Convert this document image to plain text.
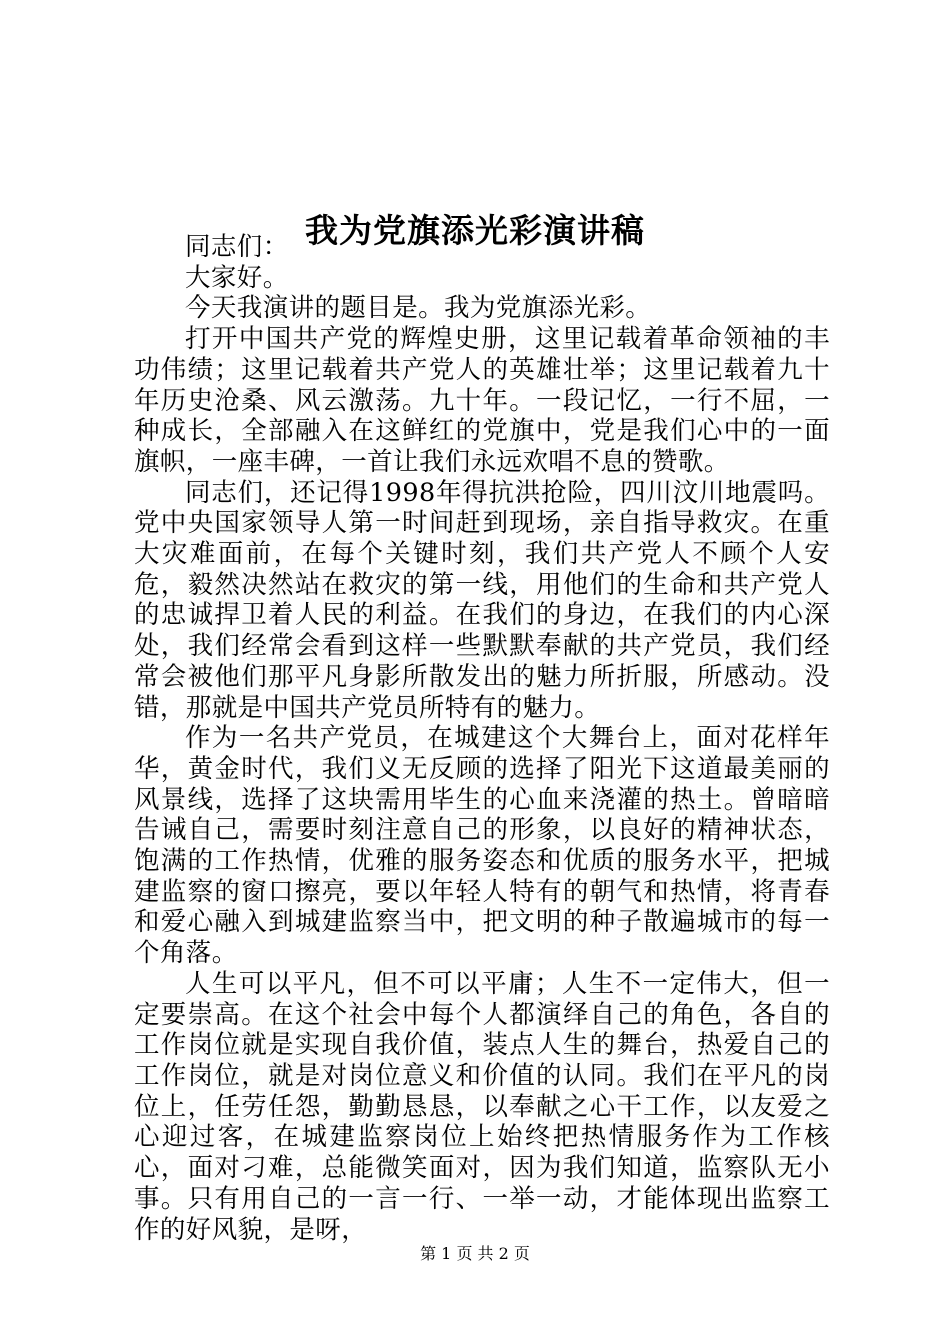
我为党旗添光彩演讲稿

同志们：

大家好。

今天我演讲的题目是。我为党旗添光彩。

打开中国共产党的辉煌史册，这里记载着革命领袖的丰功伟绩；这里记载着共产党人的英雄壮举；这里记载着九十年历史沧桑、风云激荡。九十年。一段记忆，一行不屈，一种成长，全部融入在这鲜红的党旗中，党是我们心中的一面旗帜，一座丰碑，一首让我们永远欢唱不息的赞歌。

同志们，还记得1998年得抗洪抢险，四川汶川地震吗。党中央国家领导人第一时间赶到现场，亲自指导救灾。在重大灾难面前，在每个关键时刻，我们共产党人不顾个人安危，毅然决然站在救灾的第一线，用他们的生命和共产党人的忠诚捍卫着人民的利益。在我们的身边，在我们的内心深处，我们经常会看到这样一些默默奉献的共产党员，我们经常会被他们那平凡身影所散发出的魅力所折服，所感动。没错，那就是中国共产党员所特有的魅力。

作为一名共产党员，在城建这个大舞台上，面对花样年华，黄金时代，我们义无反顾的选择了阳光下这道最美丽的风景线，选择了这块需用毕生的心血来浇灌的热土。曾暗暗告诫自己，需要时刻注意自己的形象，以良好的精神状态，饱满的工作热情，优雅的服务姿态和优质的服务水平，把城建监察的窗口擦亮，要以年轻人特有的朝气和热情，将青春和爱心融入到城建监察当中，把文明的种子散遍城市的每一个角落。

人生可以平凡，但不可以平庸；人生不一定伟大，但一定要崇高。在这个社会中每个人都演绎自己的角色，各自的工作岗位就是实现自我价值，装点人生的舞台，热爱自己的工作岗位，就是对岗位意义和价值的认同。我们在平凡的岗位上，任劳任怨，勤勤恳恳，以奉献之心干工作，以友爱之心迎过客，在城建监察岗位上始终把热情服务作为工作核心，面对刁难，总能微笑面对，因为我们知道，监察队无小事。只有用自己的一言一行、一举一动，才能体现出监察工作的好风貌，是呀，

第 1 页 共 2 页
